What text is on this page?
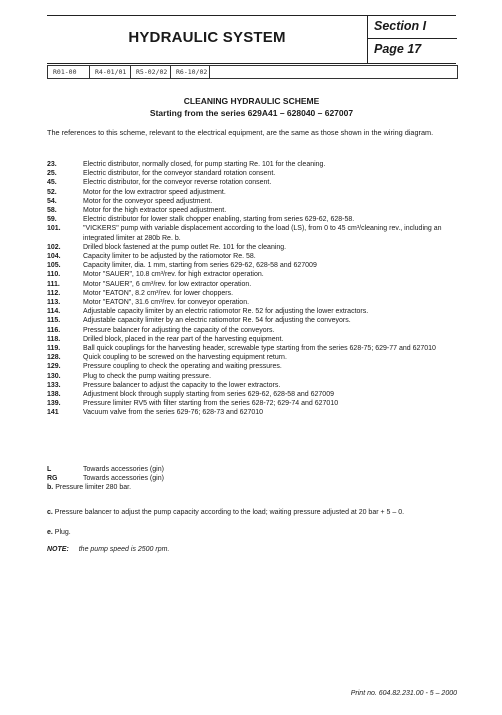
HYDRAULIC SYSTEM
Section I
Page 17
R01-00	R4-01/01	R5-02/02	R6-10/02
CLEANING HYDRAULIC SCHEME
Starting from the series 629A41 – 628040 – 627007
The references to this scheme, relevant to the electrical equipment, are the same as those shown in the wiring diagram.
23.	Electric distributor, normally closed, for pump starting Re. 101 for the cleaning.
25.	Electric distributor, for the conveyor standard rotation consent.
45.	Electric distributor, for the conveyor reverse rotation consent.
52.	Motor for the low extractror speed adjustment.
54.	Motor for the conveyor speed adjustment.
58.	Motor for the high extractor speed adjustment.
59.	Electric distributor for lower stalk chopper enabling, starting from series 629-62, 628-58.
101.	"VICKERS" pump with variable displacement according to the load (LS), from 0 to 45 cm³/cleaning rev., including an integrated limiter at 280b Re. b.
102.	Drilled block fastened at the pump outlet Re. 101 for the cleaning.
104.	Capacity limiter to be adjusted by the ratiomotor Re. 58.
105.	Capacity limiter, dia. 1 mm, starting from series 629-62, 628-58 and 627009
110.	Motor "SAUER", 10.8 cm³/rev. for high extractor operation.
111.	Motor "SAUER", 6 cm³/rev. for low extractor operation.
112.	Motor "EATON", 8.2 cm³/rev. for lower choppers.
113.	Motor "EATON", 31.6 cm³/rev. for conveyor operation.
114.	Adjustable capacity limiter by an electric ratiomotor Re. 52 for adjusting the lower extractors.
115.	Adjustable capacity limiter by an electric ratiomotor Re. 54 for adjusting the conveyors.
116.	Pressure balancer for adjusting the capacity of the conveyors.
118.	Drilled block, placed in the rear part of the harvesting equipment.
119.	Ball quick couplings for the harvesting header, screwable type starting from the series 628-75; 629-77 and 627010
128.	Quick coupling to be screwed on the harvesting equipment return.
129.	Pressure coupling to check the operating and waiting pressures.
130.	Plug to check the pump waiting pressure.
133.	Pressure balancer to adjust the capacity to the lower extractors.
138.	Adjustment block through supply starting from series 629-62, 628-58 and 627009
139.	Pressure limiter RV5 with filter starting from the series 628-72; 629-74 and 627010
141	Vacuum valve from the series 629-76; 628-73 and 627010
L	Towards accessories (gin)
RG	Towards accessories (gin)
b. Pressure limiter 280 bar.
c. Pressure balancer to adjust the pump capacity according to the load; waiting pressure adjusted at 20 bar + 5 – 0.
e. Plug.
NOTE: the pump speed is 2500 rpm.
Print no. 604.82.231.00 - 5 – 2000
